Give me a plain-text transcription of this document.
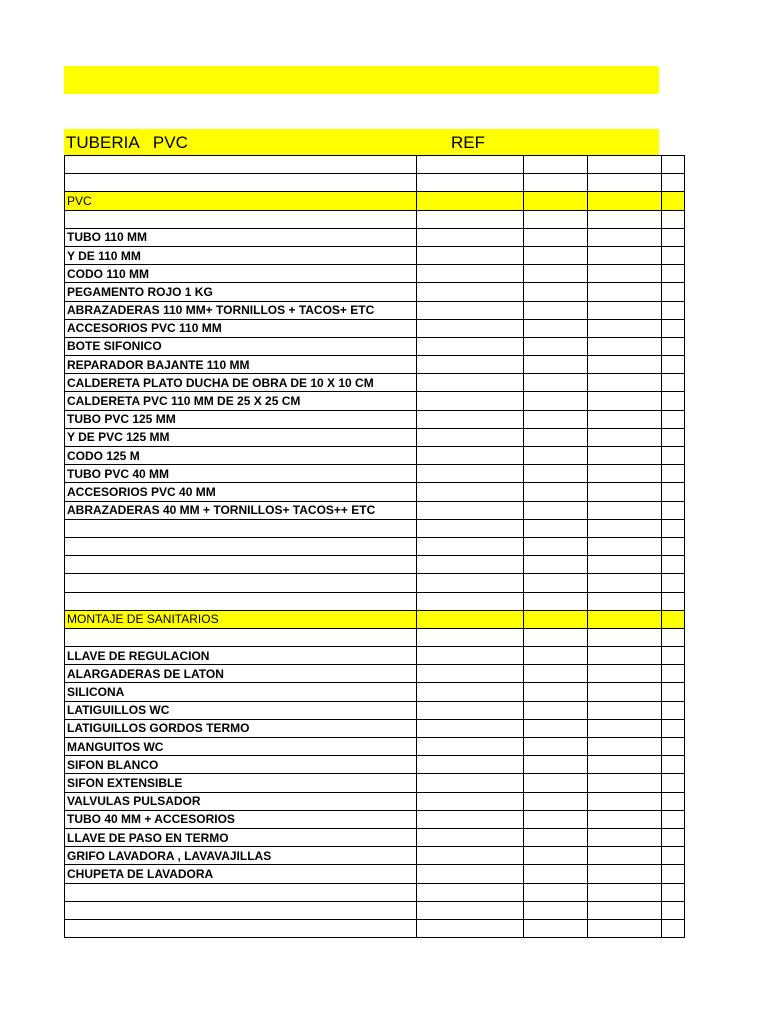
TUBERIA   PVC	REF

PVC				

TUBO 110 MM				
Y DE 110 MM				
CODO 110 MM				
PEGAMENTO ROJO 1 KG				
ABRAZADERAS 110 MM+ TORNILLOS + TACOS+ ETC				
ACCESORIOS PVC 110 MM				
BOTE SIFONICO				
REPARADOR BAJANTE 110 MM				
CALDERETA PLATO DUCHA DE OBRA DE 10 X 10 CM				
CALDERETA PVC 110 MM DE 25 X 25 CM				
TUBO PVC 125 MM				
Y DE PVC 125 MM				
CODO 125 M				
TUBO PVC 40 MM				
ACCESORIOS PVC 40 MM				
ABRAZADERAS 40 MM + TORNILLOS+ TACOS++ ETC				

MONTAJE DE SANITARIOS				

LLAVE DE REGULACION				
ALARGADERAS DE LATON				
SILICONA				
LATIGUILLOS WC				
LATIGUILLOS GORDOS TERMO				
MANGUITOS WC				
SIFON BLANCO				
SIFON EXTENSIBLE				
VALVULAS PULSADOR				
TUBO 40 MM + ACCESORIOS				
LLAVE DE PASO EN TERMO				
GRIFO LAVADORA , LAVAVAJILLAS				
CHUPETA DE LAVADORA				
